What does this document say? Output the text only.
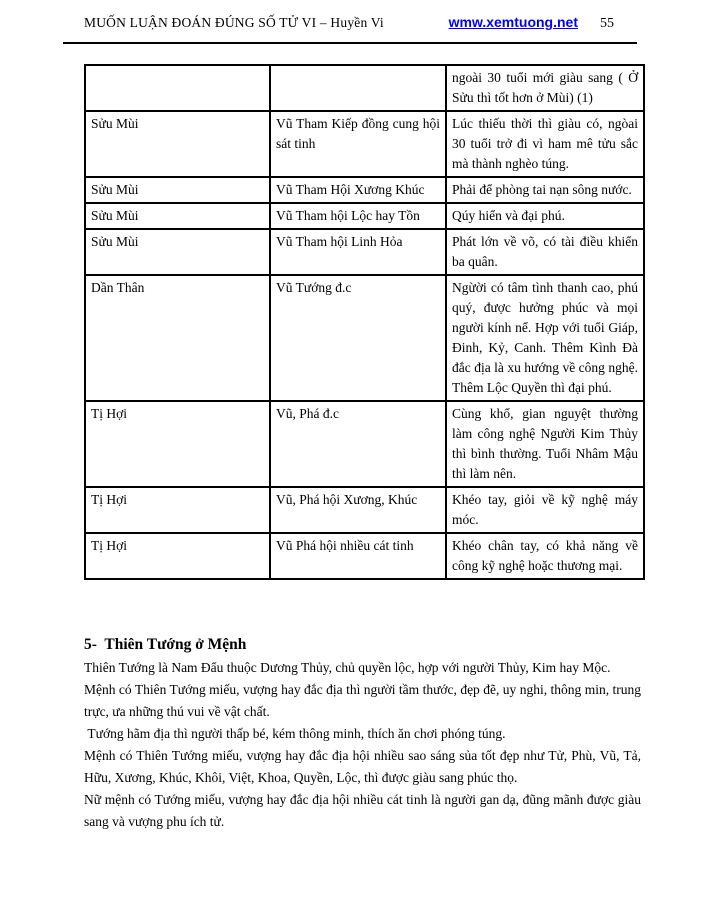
MUỐN LUẬN ĐOÁN ĐÚNG SỐ TỬ VI – Huyền Vi	wmw.xemtuong.net 55
		ngoài 30 tuổi mới giàu sang ( Ở Sửu thì tốt hơn ở Mùi) (1)
Sửu Mùi	Vũ Tham Kiếp đồng cung hội sát tinh	Lúc thiếu thời thì giàu có, ngòai 30 tuổi trở đi vì ham mê tửu sắc mà thành nghèo túng.
Sửu Mùi	Vũ Tham Hội Xương Khúc	Phải để phòng tai nạn sông nước.
Sửu Mùi	Vũ Tham hội Lộc hay Tồn	Qúy hiển và đại phú.
Sửu Mùi	Vũ Tham hội Linh Hỏa	Phát lớn về võ, có tài điều khiển ba quân.
Dần Thân	Vũ Tướng đ.c	Ngừời có tâm tình thanh cao, phú quý, được hưởng phúc và mọi người kính nể. Hợp với tuổi Giáp, Đinh, Kỷ, Canh. Thêm Kình Đà đắc địa là xu hướng về công nghệ. Thêm Lộc Quyền thì đại phú.
Tị Hợi	Vũ, Phá đ.c	Cùng khổ, gian nguyệt thường làm công nghệ Người Kim Thủy thì bình thường. Tuổi Nhâm Mậu thì làm nên.
Tị Hợi	Vũ, Phá hội Xương, Khúc	Khéo tay, giỏi về kỹ nghệ máy móc.
Tị Hợi	Vũ Phá hội nhiều cát tinh	Khéo chân tay, có khả năng về công kỹ nghệ hoặc thương mại.
5-  Thiên Tướng ở Mệnh

Thiên Tướng là Nam Đẩu thuộc Dương Thủy, chủ quyền lộc, hợp với người Thủy, Kim hay Mộc.

Mệnh có Thiên Tướng miếu, vượng hay đắc địa thì người tầm thước, đẹp đẽ, uy nghi, thông min, trung trực, ưa những thú vui về vật chất.

Tướng hãm địa thì người thấp bé, kém thông minh, thích ăn chơi phóng túng.

Mệnh có Thiên Tướng miếu, vượng hay đắc địa hội nhiều sao sáng sủa tốt đẹp như Tử, Phù, Vũ, Tả, Hữu, Xương, Khúc, Khôi, Việt, Khoa, Quyền, Lộc, thì được giàu sang phúc thọ.

Nữ mệnh có Tướng miếu, vượng hay đắc địa hội nhiều cát tinh là người gan dạ, đũng mãnh được giàu sang và vượng phu ích tử.
